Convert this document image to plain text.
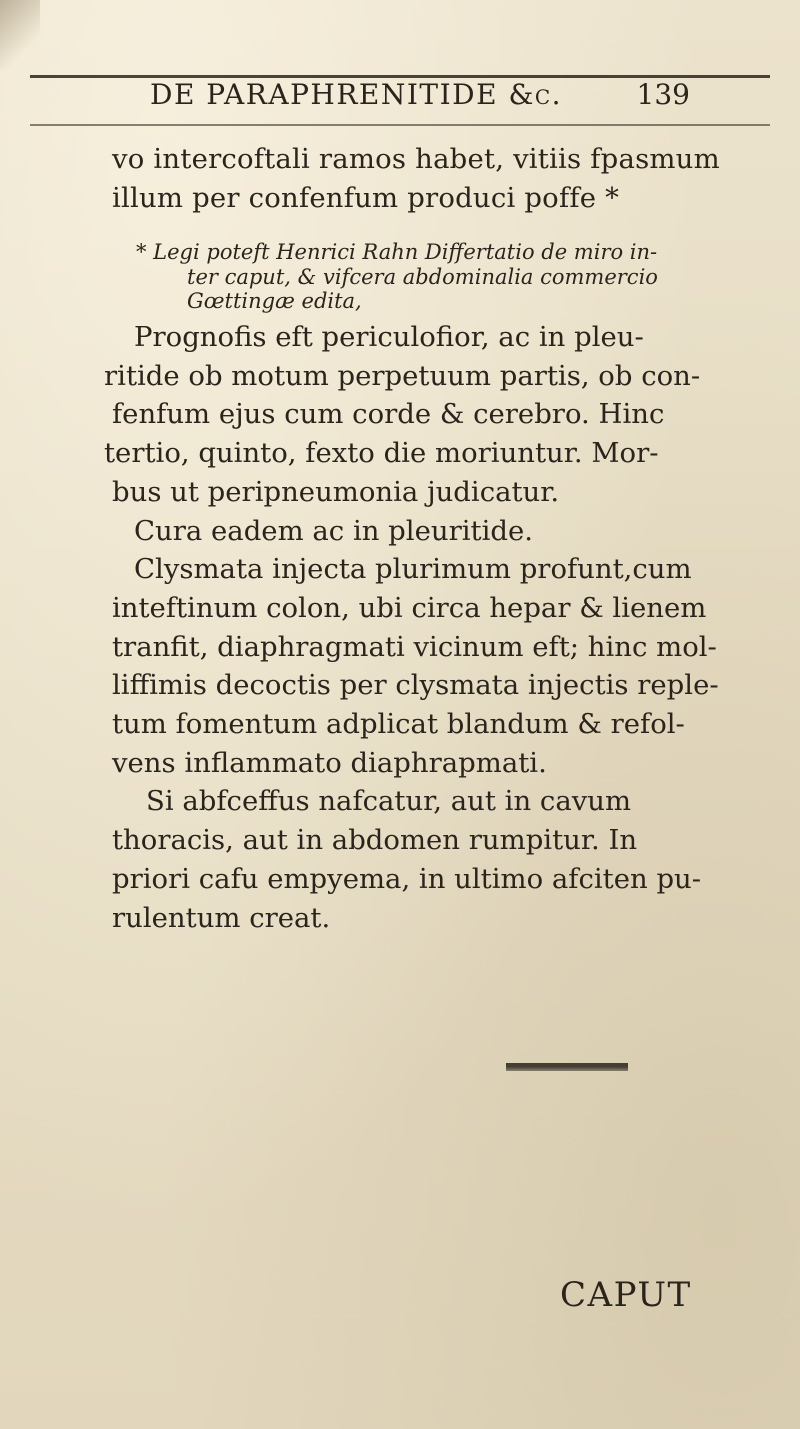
DE PARAPHRENITIDE &c.	139
vo intercoftali ramos habet, vitiis fpasmum
illum per confenfum produci poffe *
* Legi poteft Henrici Rahn Differtatio de miro in-
ter caput, & vifcera abdominalia commercio
Gœttingæ edita,
Prognofis eft periculofior, ac in pleu-
ritide ob motum perpetuum partis, ob con-
fenfum ejus cum corde & cerebro. Hinc
tertio, quinto, fexto die moriuntur. Mor-
bus ut peripneumonia judicatur.
Cura eadem ac in pleuritide.
Clysmata injecta plurimum profunt,cum
inteftinum colon, ubi circa hepar & lienem
tranfit, diaphragmati vicinum eft; hinc mol-
liffimis decoctis per clysmata injectis reple-
tum fomentum adplicat blandum & refol-
vens inflammato diaphrapmati.
Si abfceffus nafcatur, aut in cavum
thoracis, aut in abdomen rumpitur. In
priori cafu empyema, in ultimo afciten pu-
rulentum creat.
CAPUT
